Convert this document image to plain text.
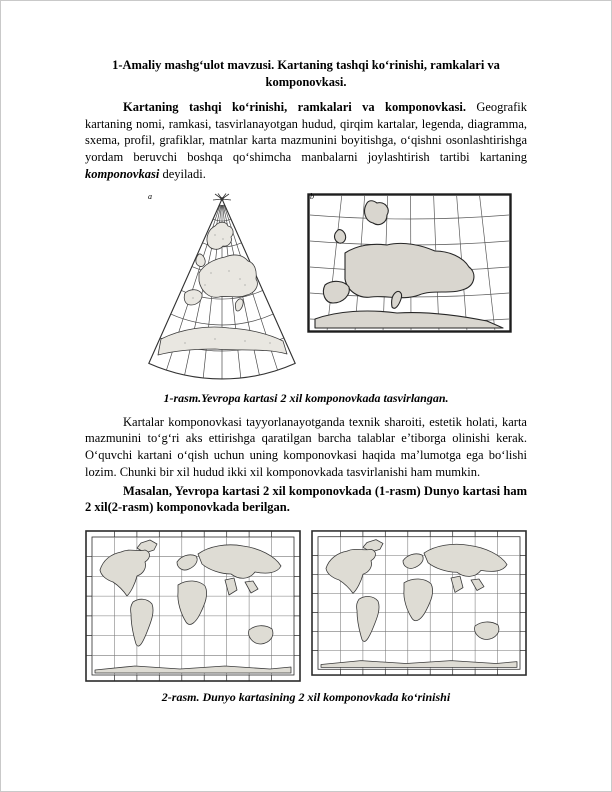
1-Amaliy mashg‘ulot mavzusi. Kartaning tashqi ko‘rinishi, ramkalari va komponovkasi.

Kartaning tashqi ko‘rinishi, ramkalari va komponovkasi. Geografik kartaning nomi, ramkasi, tasvirlanayotgan hudud, qirqim kartalar, legenda, diagramma, sxema, profil, grafiklar, matnlar karta mazmunini boyitishga, o‘qishni osonlashtirishga yordam beruvchi boshqa qo‘shimcha manbalarni joylashtirish tartibi kartaning komponovkasi deyiladi.

a	b
1-rasm.Yevropa kartasi 2 xil komponovkada tasvirlangan.

Kartalar komponovkasi tayyorlanayotganda texnik sharoiti, estetik holati, karta mazmunini to‘g‘ri aks ettirishga qaratilgan barcha talablar e’tiborga olinishi kerak. O‘quvchi kartani o‘qish uchun uning komponovkasi haqida ma’lumotga ega bo‘lishi lozim. Chunki bir xil hudud ikki xil komponovkada tasvirlanishi ham mumkin.

Masalan, Yevropa kartasi 2 xil komponovkada (1-rasm) Dunyo kartasi ham 2 xil(2-rasm) komponovkada berilgan.

2-rasm. Dunyo kartasining 2 xil komponovkada ko‘rinishi
